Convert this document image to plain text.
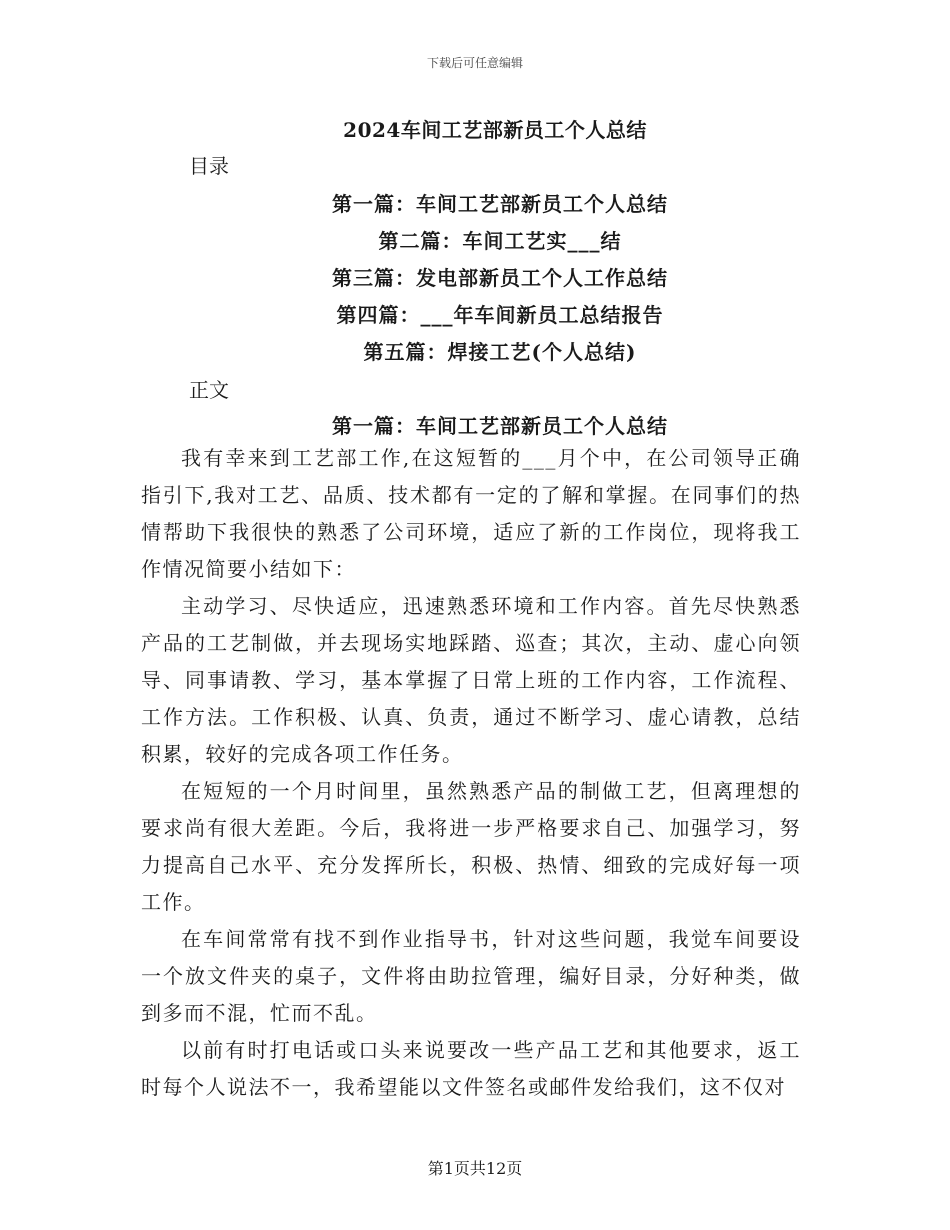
下载后可任意编辑
2024车间工艺部新员工个人总结
目录
第一篇：车间工艺部新员工个人总结
第二篇：车间工艺实___结
第三篇：发电部新员工个人工作总结
第四篇：___年车间新员工总结报告
第五篇：焊接工艺(个人总结)
正文
第一篇：车间工艺部新员工个人总结

我有幸来到工艺部工作,在这短暂的___月个中，在公司领导正确指引下,我对工艺、品质、技术都有一定的了解和掌握。在同事们的热情帮助下我很快的熟悉了公司环境，适应了新的工作岗位，现将我工作情况简要小结如下：

主动学习、尽快适应，迅速熟悉环境和工作内容。首先尽快熟悉产品的工艺制做，并去现场实地踩踏、巡查；其次，主动、虚心向领导、同事请教、学习，基本掌握了日常上班的工作内容，工作流程、工作方法。工作积极、认真、负责，通过不断学习、虚心请教，总结积累，较好的完成各项工作任务。

在短短的一个月时间里，虽然熟悉产品的制做工艺，但离理想的要求尚有很大差距。今后，我将进一步严格要求自己、加强学习，努力提高自己水平、充分发挥所长，积极、热情、细致的完成好每一项工作。

在车间常常有找不到作业指导书，针对这些问题，我觉车间要设一个放文件夹的桌子，文件将由助拉管理，编好目录，分好种类，做到多而不混，忙而不乱。

以前有时打电话或口头来说要改一些产品工艺和其他要求，返工时每个人说法不一，我希望能以文件签名或邮件发给我们，这不仅对

第1页共12页
